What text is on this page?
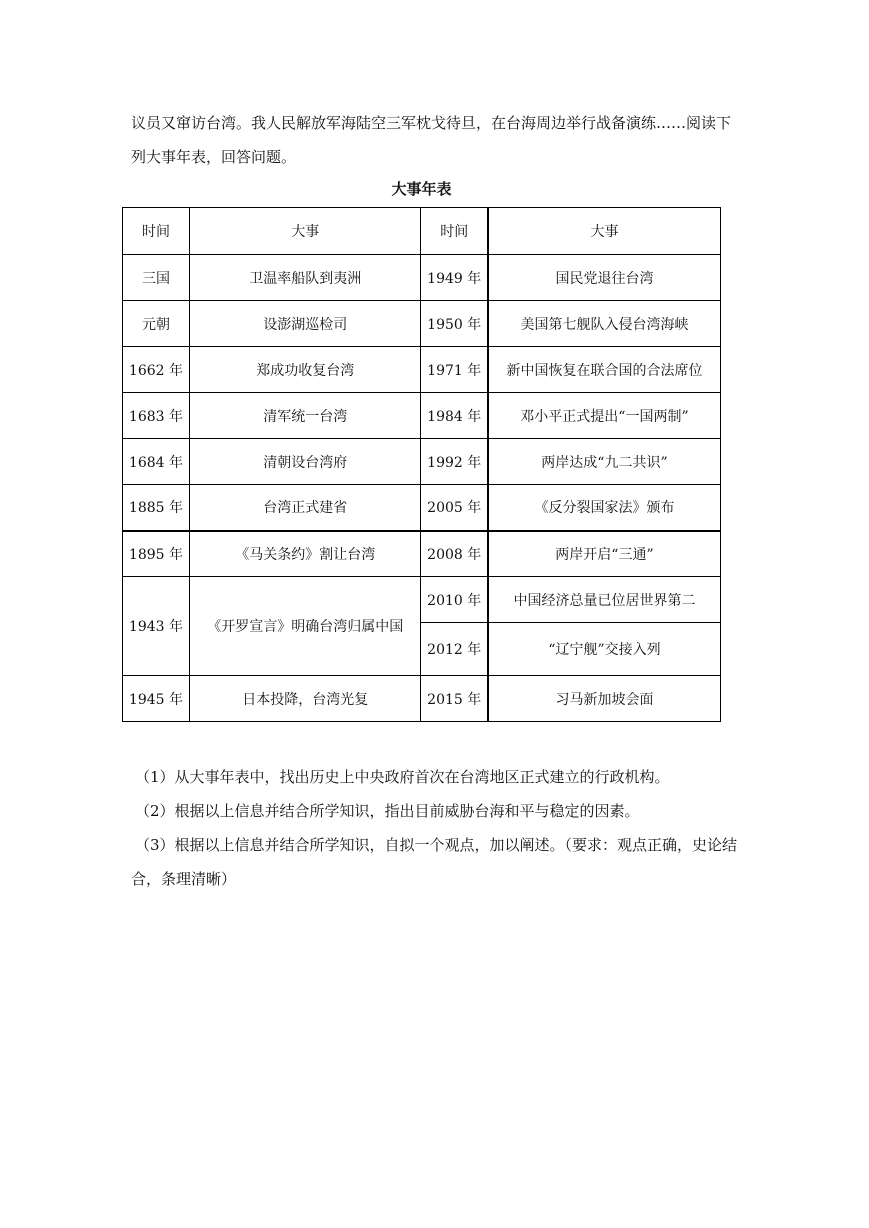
议员又窜访台湾。我人民解放军海陆空三军枕戈待旦，在台海周边举行战备演练……阅读下
列大事年表，回答问题。

大事年表

时间	大事	时间	大事
三国	卫温率船队到夷洲	1949 年	国民党退往台湾
元朝	设澎湖巡检司	1950 年	美国第七舰队入侵台湾海峡
1662 年	郑成功收复台湾	1971 年	新中国恢复在联合国的合法席位
1683 年	清军统一台湾	1984 年	邓小平正式提出“一国两制”
1684 年	清朝设台湾府	1992 年	两岸达成“九二共识”
1885 年	台湾正式建省	2005 年	《反分裂国家法》颁布
1895 年	《马关条约》割让台湾	2008 年	两岸开启“三通”
1943 年	《开罗宣言》明确台湾归属中国	2010 年	中国经济总量已位居世界第二
		2012 年	“辽宁舰”交接入列
1945 年	日本投降，台湾光复	2015 年	习马新加坡会面

（1）从大事年表中，找出历史上中央政府首次在台湾地区正式建立的行政机构。

（2）根据以上信息并结合所学知识，指出目前威胁台海和平与稳定的因素。

（3）根据以上信息并结合所学知识，自拟一个观点，加以阐述。（要求：观点正确，史论结

合，条理清晰）
